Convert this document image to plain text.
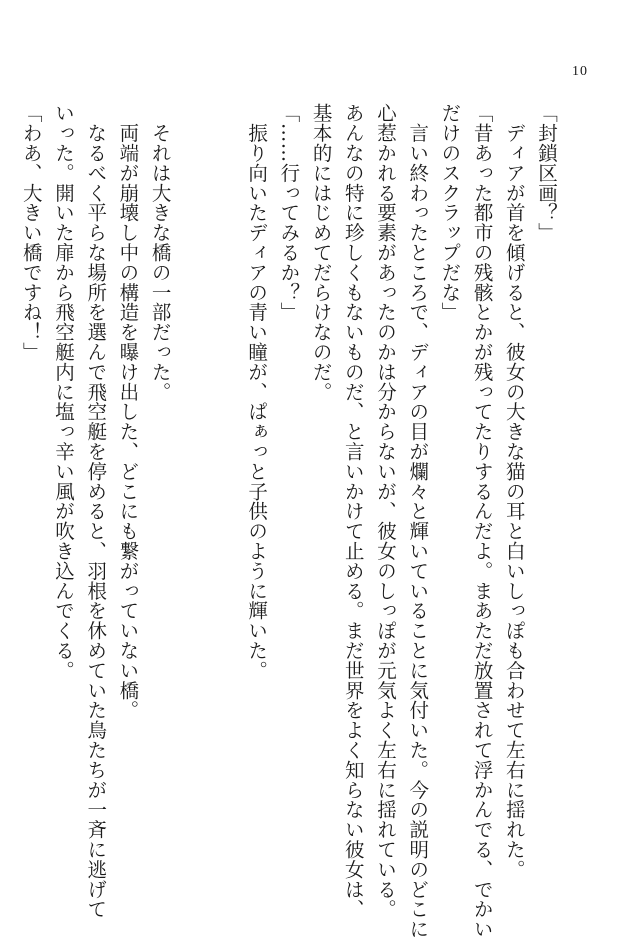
10
「封鎖区画？」
　ディアが首を傾げると、彼女の大きな猫の耳と白いしっぽも合わせて左右に揺れた。
「昔あった都市の残骸とかが残ってたりするんだよ。まあただ放置されて浮かんでる、でかい
だけのスクラップだな」
　言い終わったところで、ディアの目が爛々と輝いていることに気付いた。今の説明のどこに
心惹かれる要素があったのかは分からないが、彼女のしっぽが元気よく左右に揺れている。
あんなの特に珍しくもないものだ、と言いかけて止める。まだ世界をよく知らない彼女は、
基本的にはじめてだらけなのだ。
「……行ってみるか？」
　振り向いたディアの青い瞳が、ぱぁっと子供のように輝いた。
　それは大きな橋の一部だった。
　両端が崩壊し中の構造を曝け出した、どこにも繋がっていない橋。
　なるべく平らな場所を選んで飛空艇を停めると、羽根を休めていた鳥たちが一斉に逃げて
いった。開いた扉から飛空艇内に塩っ辛い風が吹き込んでくる。
「わあ、大きい橋ですね！」
